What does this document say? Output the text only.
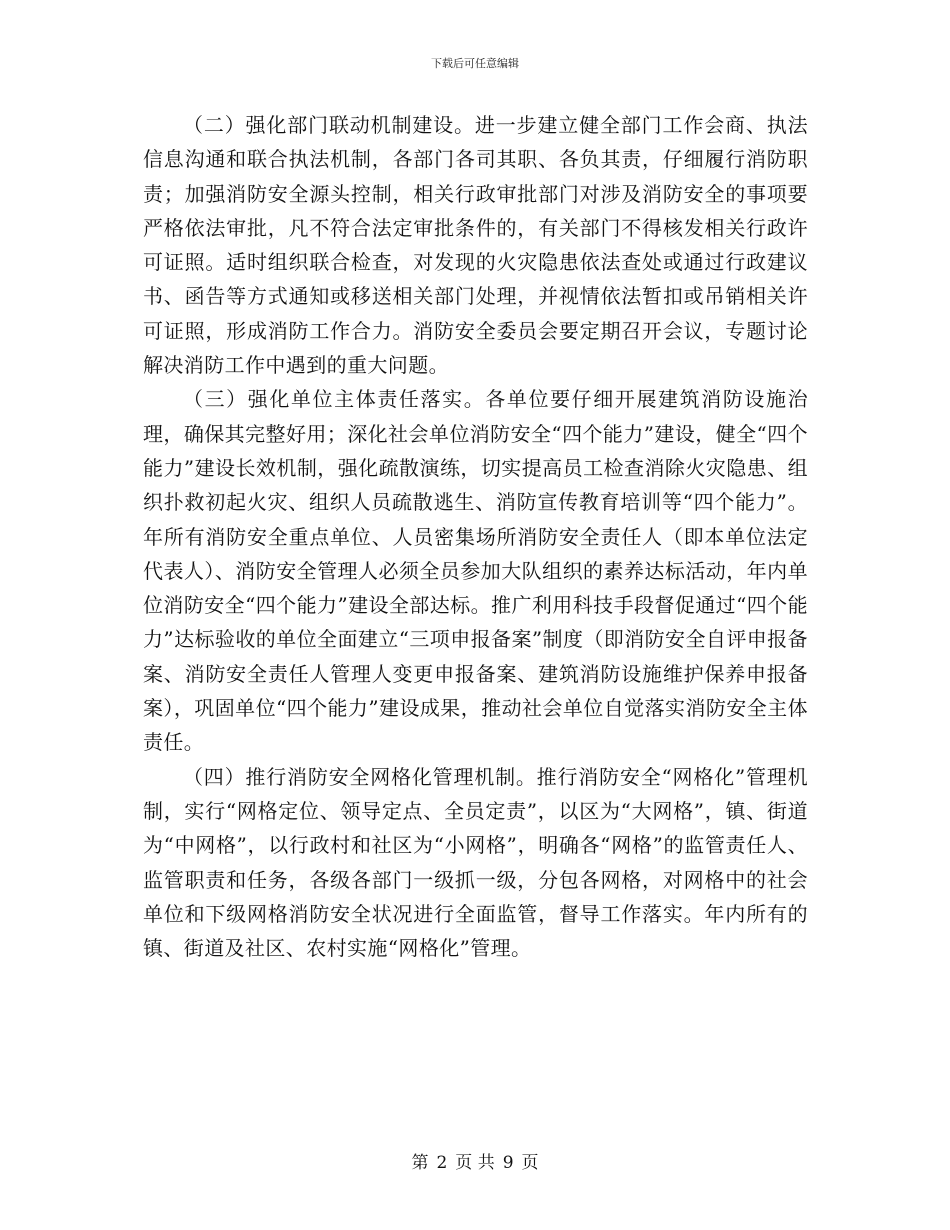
下载后可任意编辑

（二）强化部门联动机制建设。进一步建立健全部门工作会商、执法信息沟通和联合执法机制，各部门各司其职、各负其责，仔细履行消防职责；加强消防安全源头控制，相关行政审批部门对涉及消防安全的事项要严格依法审批，凡不符合法定审批条件的，有关部门不得核发相关行政许可证照。适时组织联合检查，对发现的火灾隐患依法查处或通过行政建议书、函告等方式通知或移送相关部门处理，并视情依法暂扣或吊销相关许可证照，形成消防工作合力。消防安全委员会要定期召开会议，专题讨论解决消防工作中遇到的重大问题。

（三）强化单位主体责任落实。各单位要仔细开展建筑消防设施治理，确保其完整好用；深化社会单位消防安全“四个能力”建设，健全“四个能力”建设长效机制，强化疏散演练，切实提高员工检查消除火灾隐患、组织扑救初起火灾、组织人员疏散逃生、消防宣传教育培训等“四个能力”。年所有消防安全重点单位、人员密集场所消防安全责任人（即本单位法定代表人）、消防安全管理人必须全员参加大队组织的素养达标活动，年内单位消防安全“四个能力”建设全部达标。推广利用科技手段督促通过“四个能力”达标验收的单位全面建立“三项申报备案”制度（即消防安全自评申报备案、消防安全责任人管理人变更申报备案、建筑消防设施维护保养申报备案），巩固单位“四个能力”建设成果，推动社会单位自觉落实消防安全主体责任。

（四）推行消防安全网格化管理机制。推行消防安全“网格化”管理机制，实行“网格定位、领导定点、全员定责”，以区为“大网格”，镇、街道为“中网格”，以行政村和社区为“小网格”，明确各“网格”的监管责任人、监管职责和任务，各级各部门一级抓一级，分包各网格，对网格中的社会单位和下级网格消防安全状况进行全面监管，督导工作落实。年内所有的镇、街道及社区、农村实施“网格化”管理。

第 2 页 共 9 页
